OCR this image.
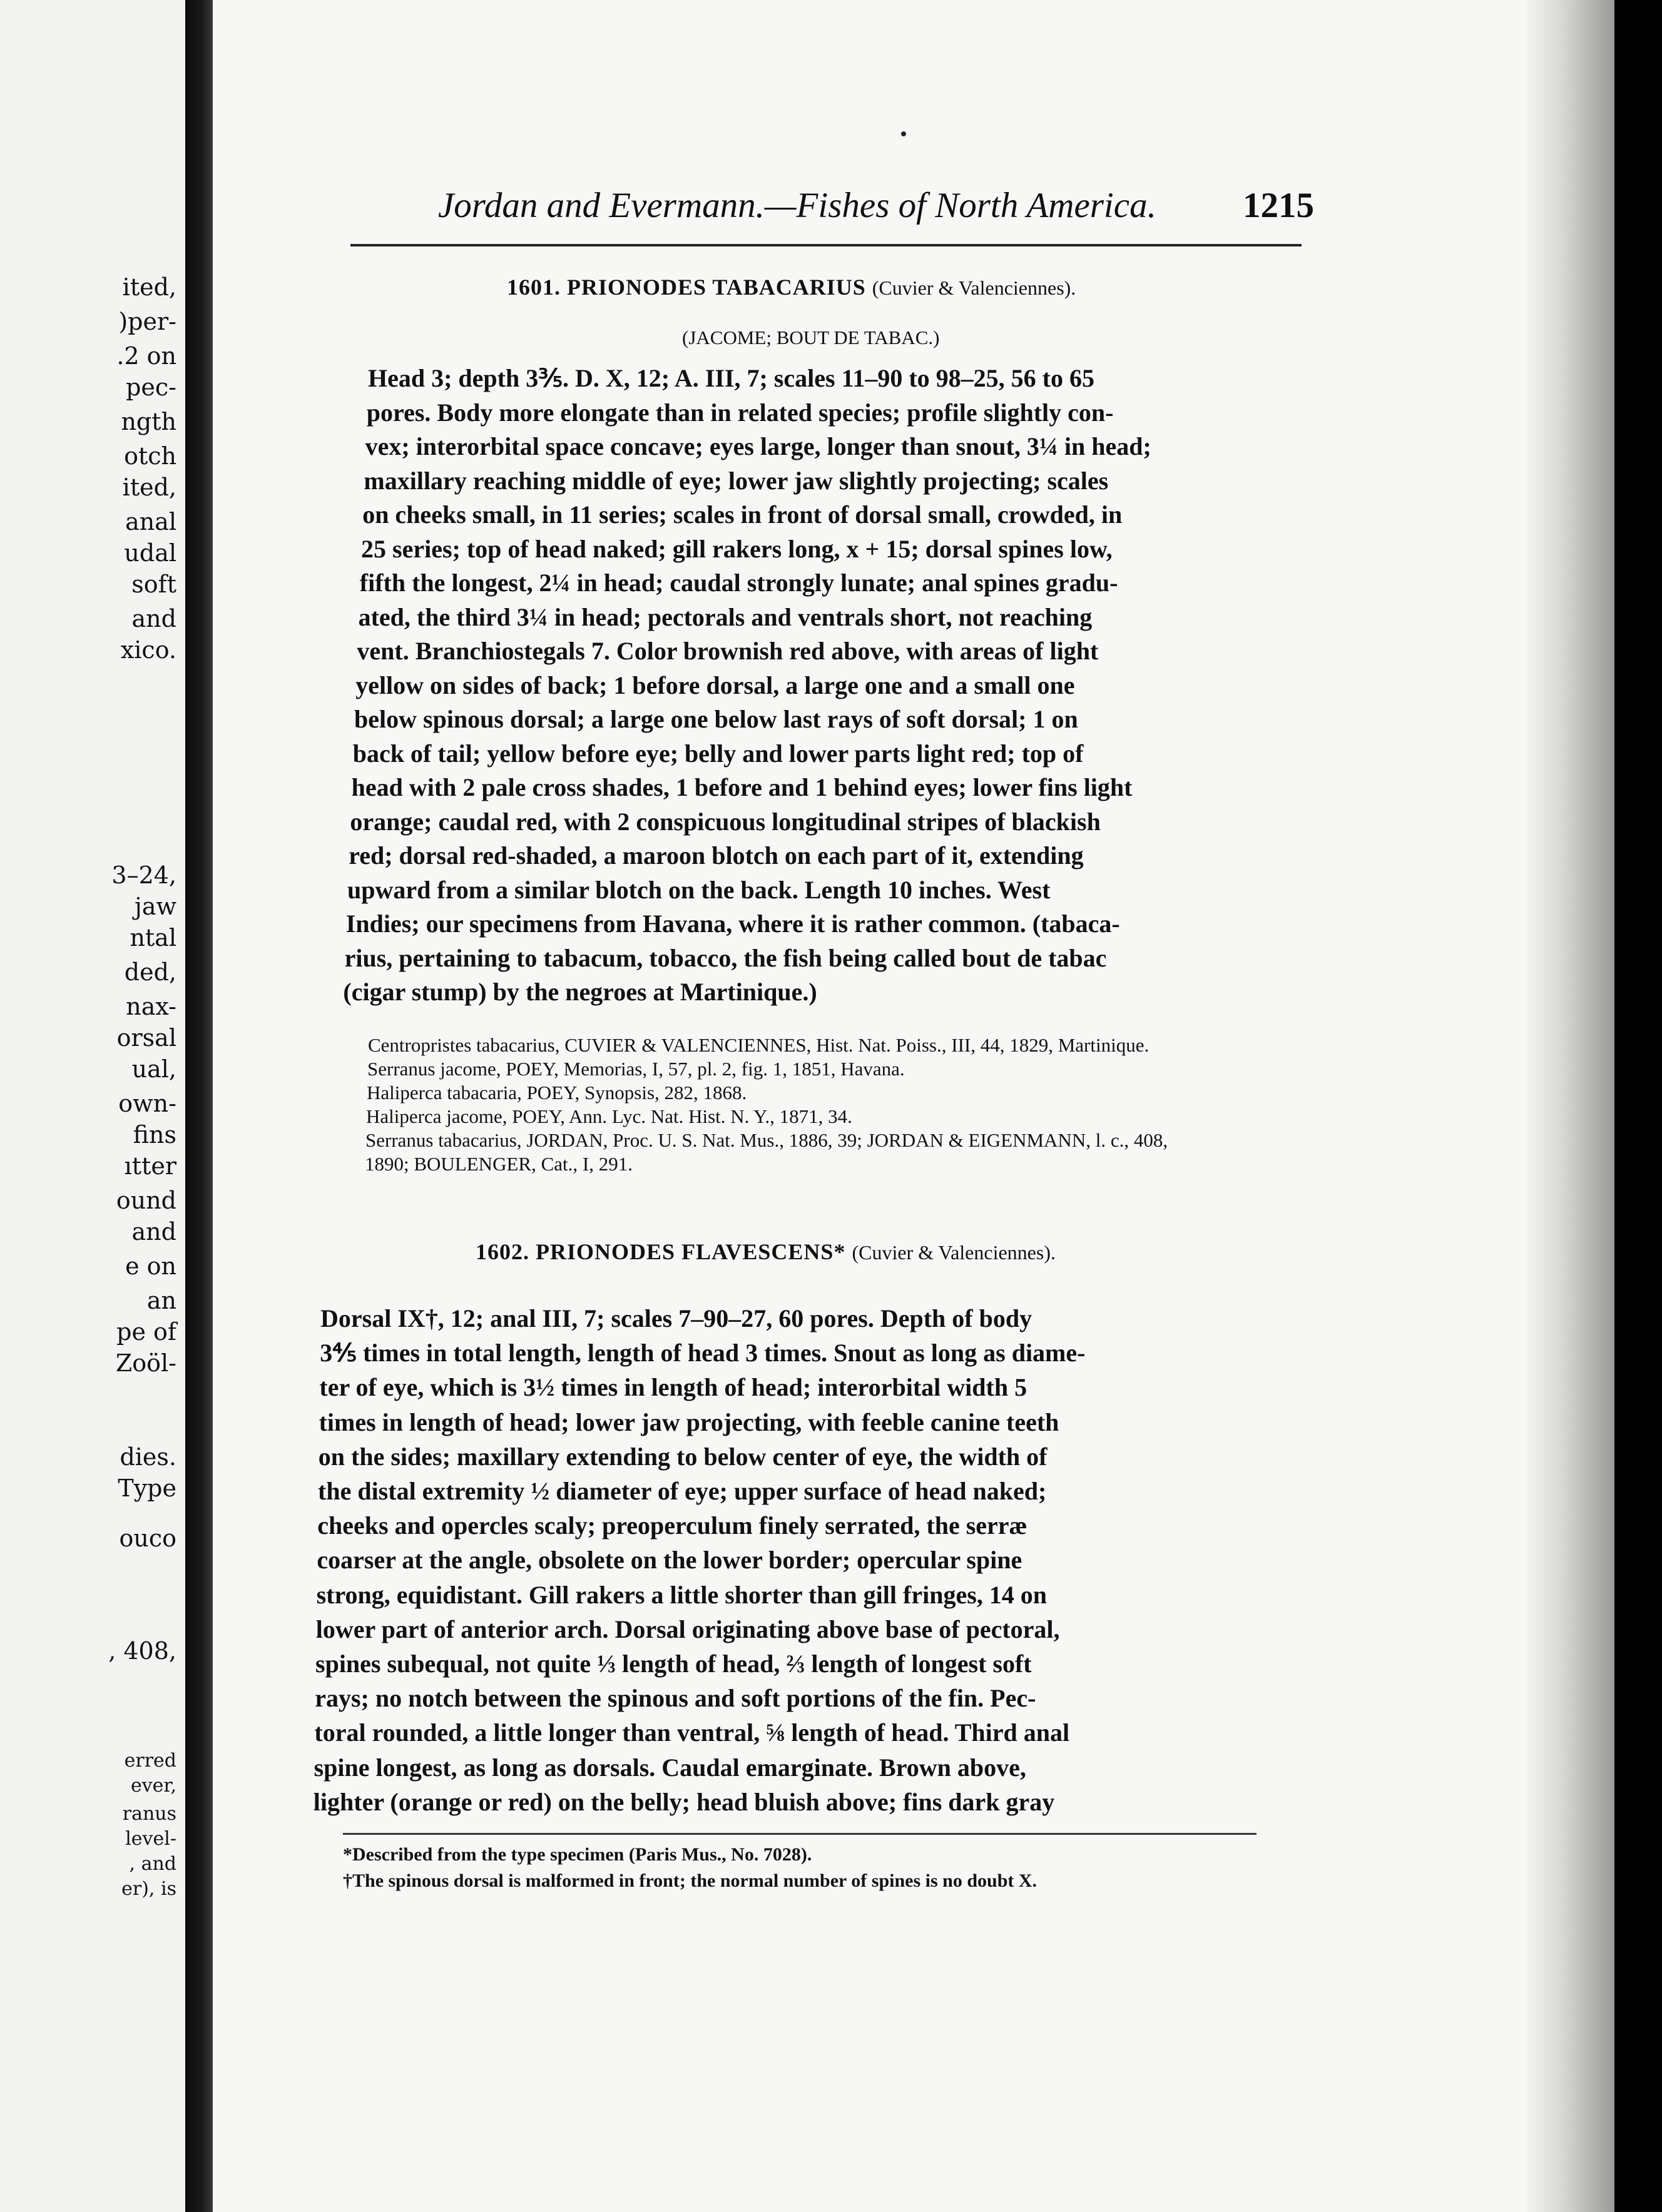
ited,
)per-
.2 on
pec-
ngth
otch
ited,
anal
udal
soft
and
xico.
3–24,
jaw
ntal
ded,
nax-
orsal
ual,
own-
fins
ıtter
ound
and
e on
an
pe of
Zoöl-
dies.
Type
ouco
, 408,
erred
ever,
ranus
level-
, and
er), is
Jordan and Evermann.—Fishes of North America. 1215
1601. PRIONODES TABACARIUS (Cuvier & Valenciennes).
(JACOME; BOUT DE TABAC.)
Head 3; depth 3⅗. D. X, 12; A. III, 7; scales 11–90 to 98–25, 56 to 65
pores. Body more elongate than in related species; profile slightly con-
vex; interorbital space concave; eyes large, longer than snout, 3¼ in head;
maxillary reaching middle of eye; lower jaw slightly projecting; scales
on cheeks small, in 11 series; scales in front of dorsal small, crowded, in
25 series; top of head naked; gill rakers long, x + 15; dorsal spines low,
fifth the longest, 2¼ in head; caudal strongly lunate; anal spines gradu-
ated, the third 3¼ in head; pectorals and ventrals short, not reaching
vent. Branchiostegals 7. Color brownish red above, with areas of light
yellow on sides of back; 1 before dorsal, a large one and a small one
below spinous dorsal; a large one below last rays of soft dorsal; 1 on
back of tail; yellow before eye; belly and lower parts light red; top of
head with 2 pale cross shades, 1 before and 1 behind eyes; lower fins light
orange; caudal red, with 2 conspicuous longitudinal stripes of blackish
red; dorsal red-shaded, a maroon blotch on each part of it, extending
upward from a similar blotch on the back. Length 10 inches. West
Indies; our specimens from Havana, where it is rather common. (tabaca-
rius, pertaining to tabacum, tobacco, the fish being called bout de tabac
(cigar stump) by the negroes at Martinique.)
Centropristes tabacarius, CUVIER & VALENCIENNES, Hist. Nat. Poiss., III, 44, 1829, Martinique.
Serranus jacome, POEY, Memorias, I, 57, pl. 2, fig. 1, 1851, Havana.
Haliperca tabacaria, POEY, Synopsis, 282, 1868.
Haliperca jacome, POEY, Ann. Lyc. Nat. Hist. N. Y., 1871, 34.
Serranus tabacarius, JORDAN, Proc. U. S. Nat. Mus., 1886, 39; JORDAN & EIGENMANN, l. c., 408,
1890; BOULENGER, Cat., I, 291.
1602. PRIONODES FLAVESCENS* (Cuvier & Valenciennes).
Dorsal IX†, 12; anal III, 7; scales 7–90–27, 60 pores. Depth of body
3⅘ times in total length, length of head 3 times. Snout as long as diame-
ter of eye, which is 3½ times in length of head; interorbital width 5
times in length of head; lower jaw projecting, with feeble canine teeth
on the sides; maxillary extending to below center of eye, the width of
the distal extremity ½ diameter of eye; upper surface of head naked;
cheeks and opercles scaly; preoperculum finely serrated, the serræ
coarser at the angle, obsolete on the lower border; opercular spine
strong, equidistant. Gill rakers a little shorter than gill fringes, 14 on
lower part of anterior arch. Dorsal originating above base of pectoral,
spines subequal, not quite ⅓ length of head, ⅔ length of longest soft
rays; no notch between the spinous and soft portions of the fin. Pec-
toral rounded, a little longer than ventral, ⅝ length of head. Third anal
spine longest, as long as dorsals. Caudal emarginate. Brown above,
lighter (orange or red) on the belly; head bluish above; fins dark gray
*Described from the type specimen (Paris Mus., No. 7028).
†The spinous dorsal is malformed in front; the normal number of spines is no doubt X.
